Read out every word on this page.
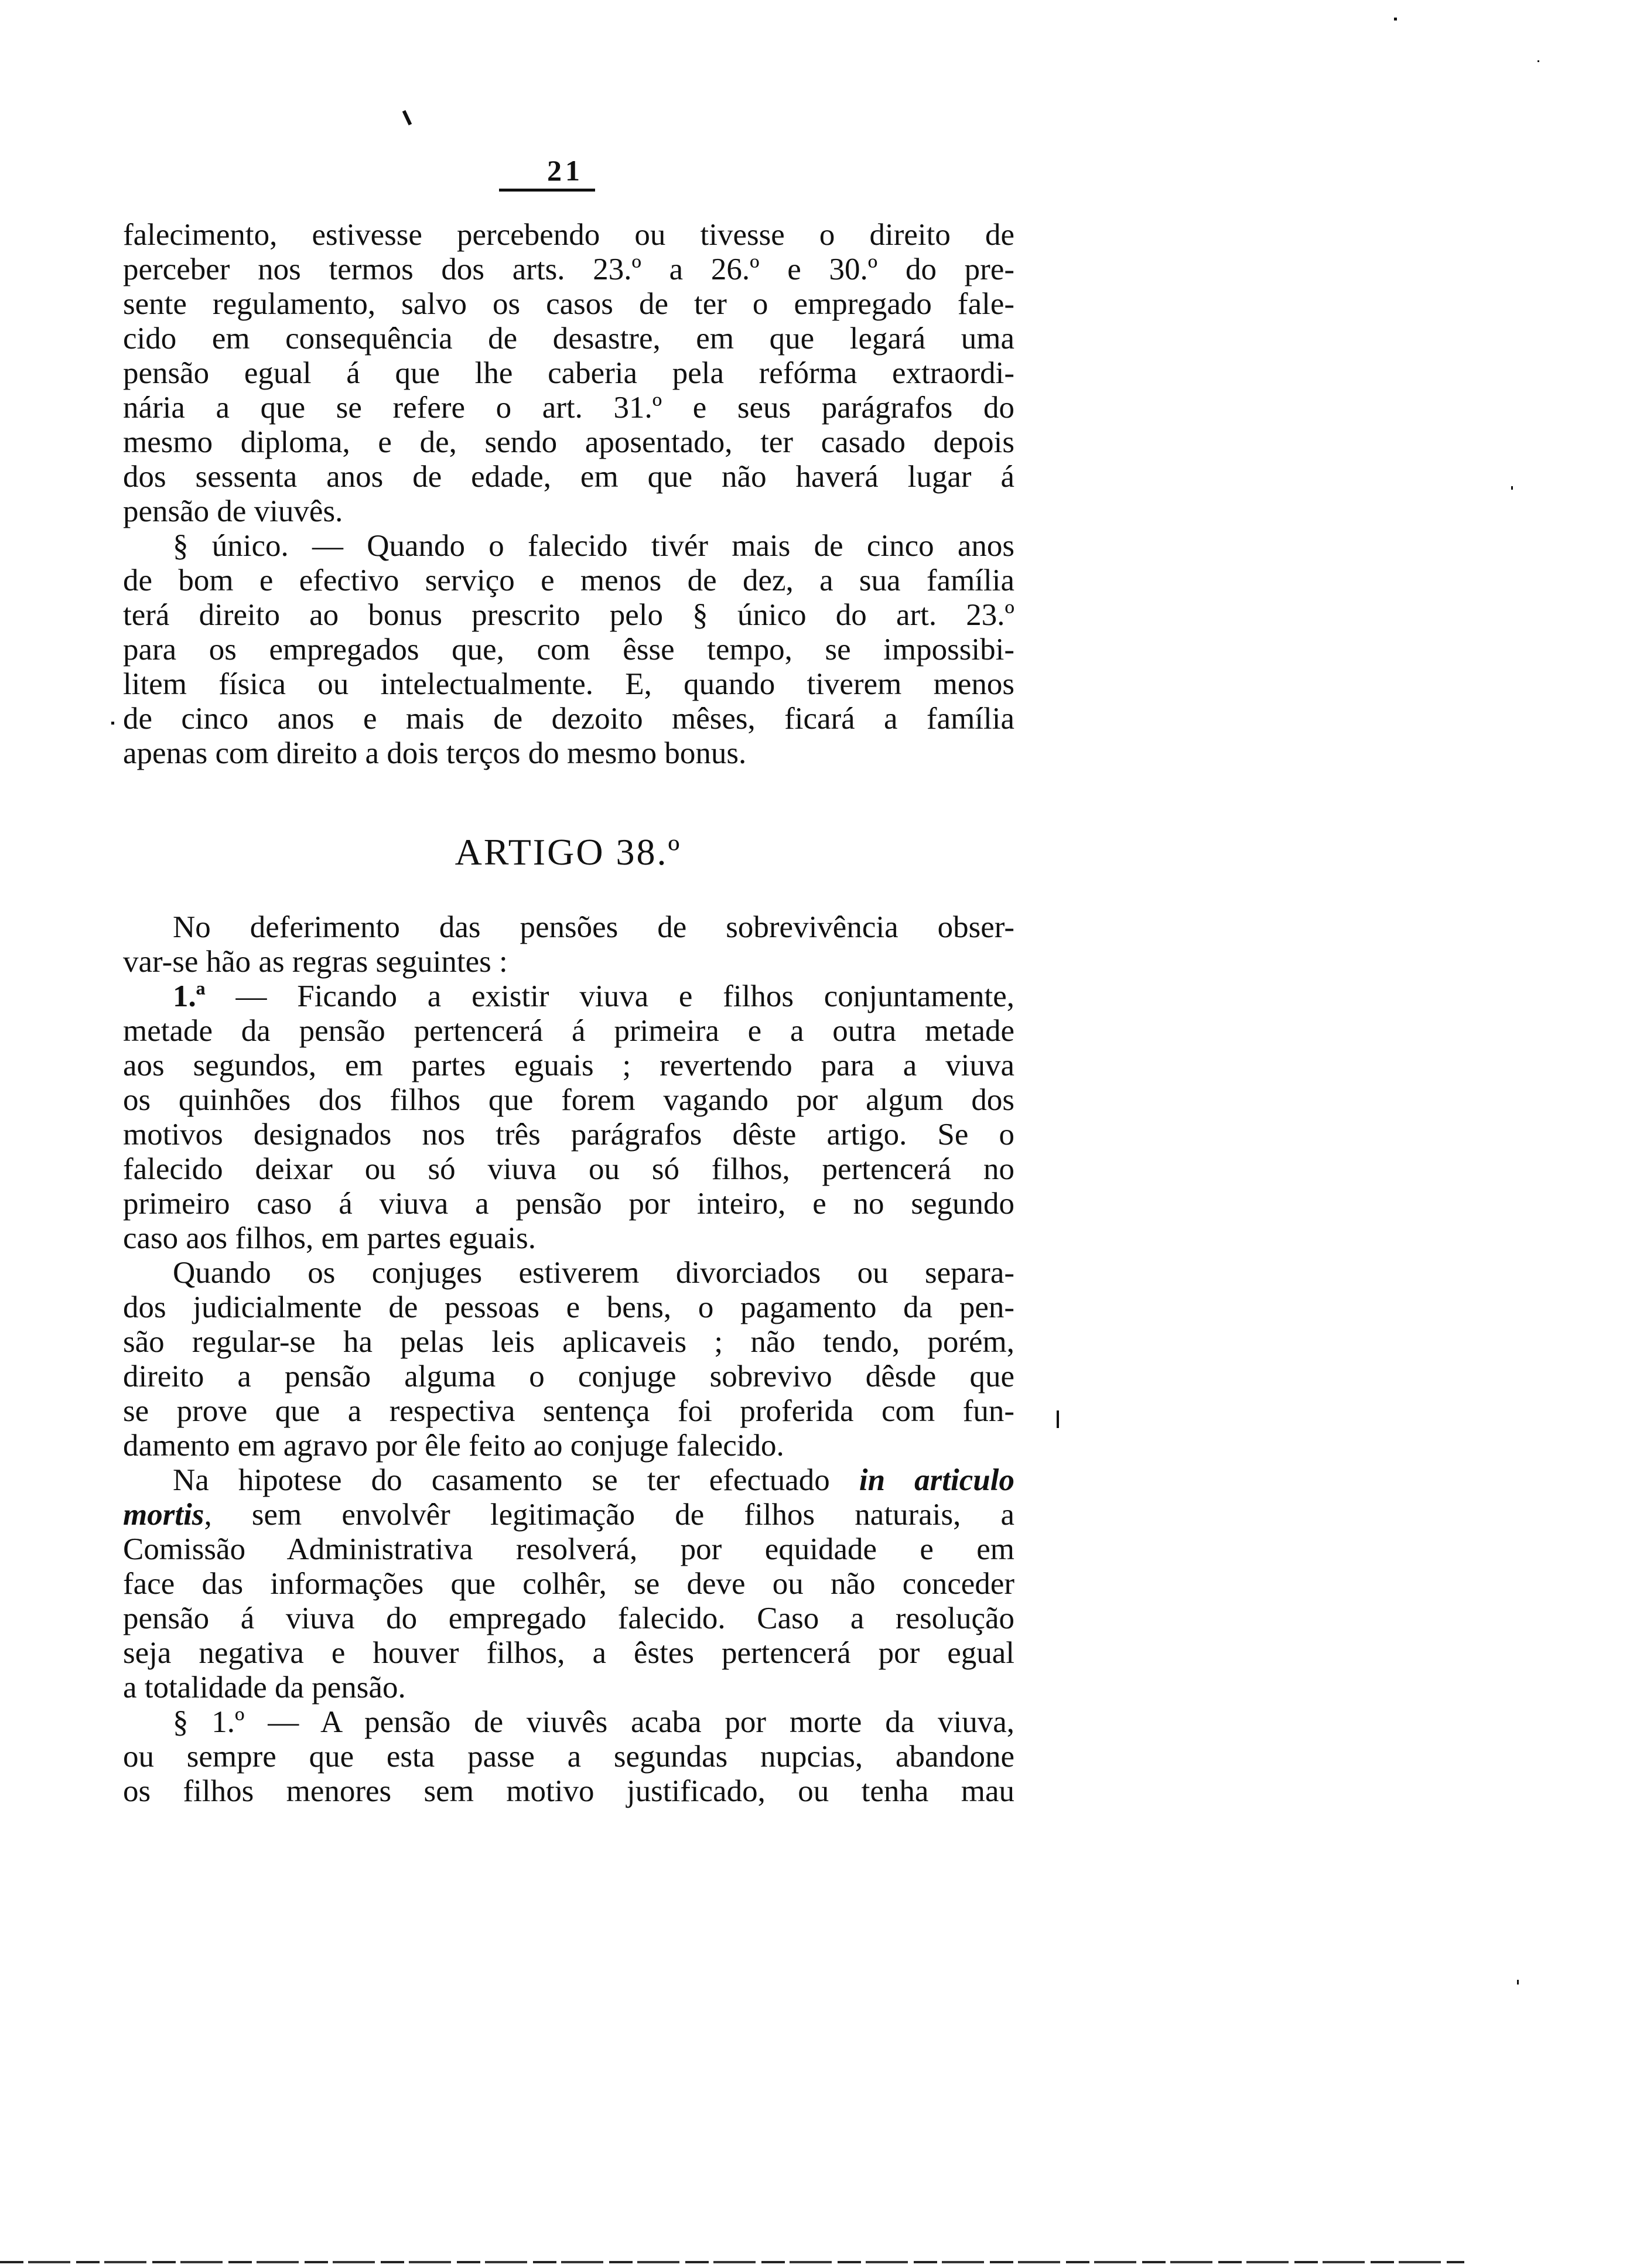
21
falecimento, estivesse percebendo ou tivesse o direito de
perceber nos termos dos arts. 23.º a 26.º e 30.º do pre-
sente regulamento, salvo os casos de ter o empregado fale-
cido em consequência de desastre, em que legará uma
pensão egual á que lhe caberia pela refórma extraordi-
nária a que se refere o art. 31.º e seus parágrafos do
mesmo diploma, e de, sendo aposentado, ter casado depois
dos sessenta anos de edade, em que não haverá lugar á
pensão de viuvês.
§ único. — Quando o falecido tivér mais de cinco anos
de bom e efectivo serviço e menos de dez, a sua família
terá direito ao bonus prescrito pelo § único do art. 23.º
para os empregados que, com êsse tempo, se impossibi-
litem física ou intelectualmente. E, quando tiverem menos
de cinco anos e mais de dezoito mêses, ficará a família
apenas com direito a dois terços do mesmo bonus.
ARTIGO 38.º
No deferimento das pensões de sobrevivência obser-
var-se hão as regras seguintes :
1.ª — Ficando a existir viuva e filhos conjuntamente,
metade da pensão pertencerá á primeira e a outra metade
aos segundos, em partes eguais ; revertendo para a viuva
os quinhões dos filhos que forem vagando por algum dos
motivos designados nos três parágrafos dêste artigo. Se o
falecido deixar ou só viuva ou só filhos, pertencerá no
primeiro caso á viuva a pensão por inteiro, e no segundo
caso aos filhos, em partes eguais.
Quando os conjuges estiverem divorciados ou separa-
dos judicialmente de pessoas e bens, o pagamento da pen-
são regular-se ha pelas leis aplicaveis ; não tendo, porém,
direito a pensão alguma o conjuge sobrevivo dêsde que
se prove que a respectiva sentença foi proferida com fun-
damento em agravo por êle feito ao conjuge falecido.
Na hipotese do casamento se ter efectuado in articulo
mortis, sem envolvêr legitimação de filhos naturais, a
Comissão Administrativa resolverá, por equidade e em
face das informações que colhêr, se deve ou não conceder
pensão á viuva do empregado falecido. Caso a resolução
seja negativa e houver filhos, a êstes pertencerá por egual
a totalidade da pensão.
§ 1.º — A pensão de viuvês acaba por morte da viuva,
ou sempre que esta passe a segundas nupcias, abandone
os filhos menores sem motivo justificado, ou tenha mau
